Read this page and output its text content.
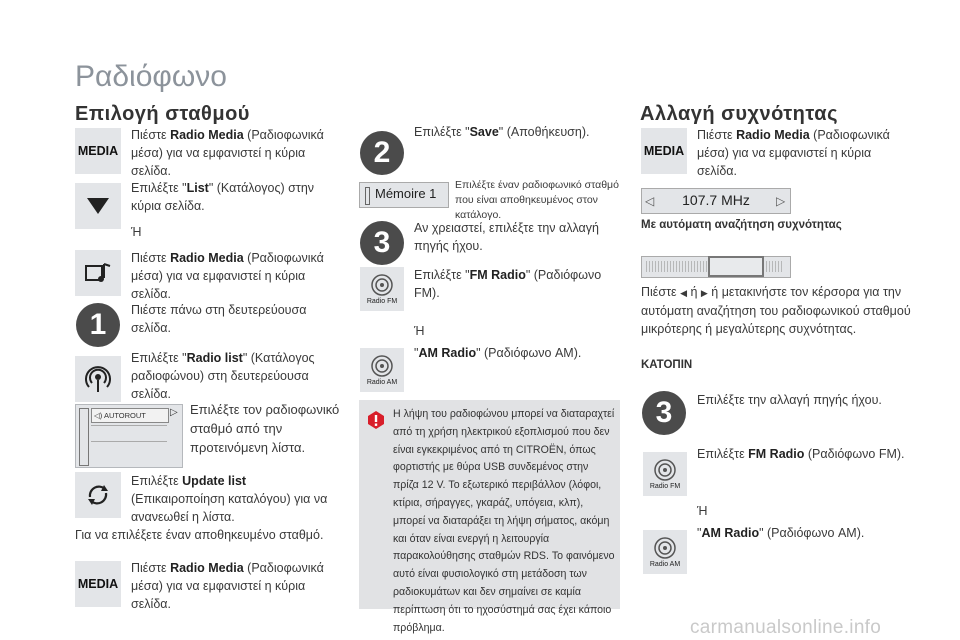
Ραδιόφωνο
Επιλογή σταθμού
MEDIA
Πιέστε Radio Media (Ραδιοφωνικά μέσα) για να εμφανιστεί η κύρια σελίδα.
Επιλέξτε "List" (Κατάλογος) στην κύρια σελίδα.
Ή
Πιέστε Radio Media (Ραδιοφωνικά μέσα) για να εμφανιστεί η κύρια σελίδα.
1	Πιέστε πάνω στη δευτερεύουσα σελίδα.
Επιλέξτε "Radio list" (Κατάλογος ραδιοφώνου) στη δευτερεύουσα σελίδα.
◁) AUTOROUT	▷ Επιλέξτε τον ραδιοφωνικό σταθμό από την προτεινόμενη λίστα.
Επιλέξτε Update list
(Επικαιροποίηση καταλόγου) για να ανανεωθεί η λίστα.
Για να επιλέξετε έναν αποθηκευμένο σταθμό.
MEDIA
Πιέστε Radio Media (Ραδιοφωνικά μέσα) για να εμφανιστεί η κύρια σελίδα.
2
Επιλέξτε "Save" (Αποθήκευση).
Mémoire 1
Επιλέξτε έναν ραδιοφωνικό σταθμό που είναι αποθηκευμένος στον κατάλογο.
3	Αν χρειαστεί, επιλέξτε την αλλαγή πηγής ήχου.
Radio FM
Επιλέξτε "FM Radio" (Ραδιόφωνο FM).
Ή
Radio AM
"AM Radio" (Ραδιόφωνο AM).
Η λήψη του ραδιοφώνου μπορεί να διαταραχτεί από τη χρήση ηλεκτρικού εξοπλισμού που δεν είναι εγκεκριμένος από τη CITROËN, όπως φορτιστής με θύρα USB συνδεμένος στην πρίζα 12 V. Το εξωτερικό περιβάλλον (λόφοι, κτίρια, σήραγγες, γκαράζ, υπόγεια, κλπ), μπορεί να διαταράξει τη λήψη σήματος, ακόμη και όταν είναι ενεργή η λειτουργία παρακολούθησης σταθμών RDS. Το φαινόμενο αυτό είναι φυσιολογικό στη μετάδοση των ραδιοκυμάτων και δεν σημαίνει σε καμία περίπτωση ότι το ηχοσύστημά σας έχει κάποιο πρόβλημα.
Αλλαγή συχνότητας
MEDIA
Πιέστε Radio Media (Ραδιοφωνικά μέσα) για να εμφανιστεί η κύρια σελίδα.
◁	107.7 MHz	▷
Με αυτόματη αναζήτηση συχνότητας
Πιέστε ◀ ή ▶ ή μετακινήστε τον κέρσορα για την αυτόματη αναζήτηση του ραδιοφωνικού σταθμού μικρότερης ή μεγαλύτερης συχνότητας.
ΚΑΤΟΠΙΝ
3	Επιλέξτε την αλλαγή πηγής ήχου.
Radio FM
Επιλέξτε FM Radio (Ραδιόφωνο FM).
Ή
Radio AM
"AM Radio" (Ραδιόφωνο AM).
carmanualsonline.info
